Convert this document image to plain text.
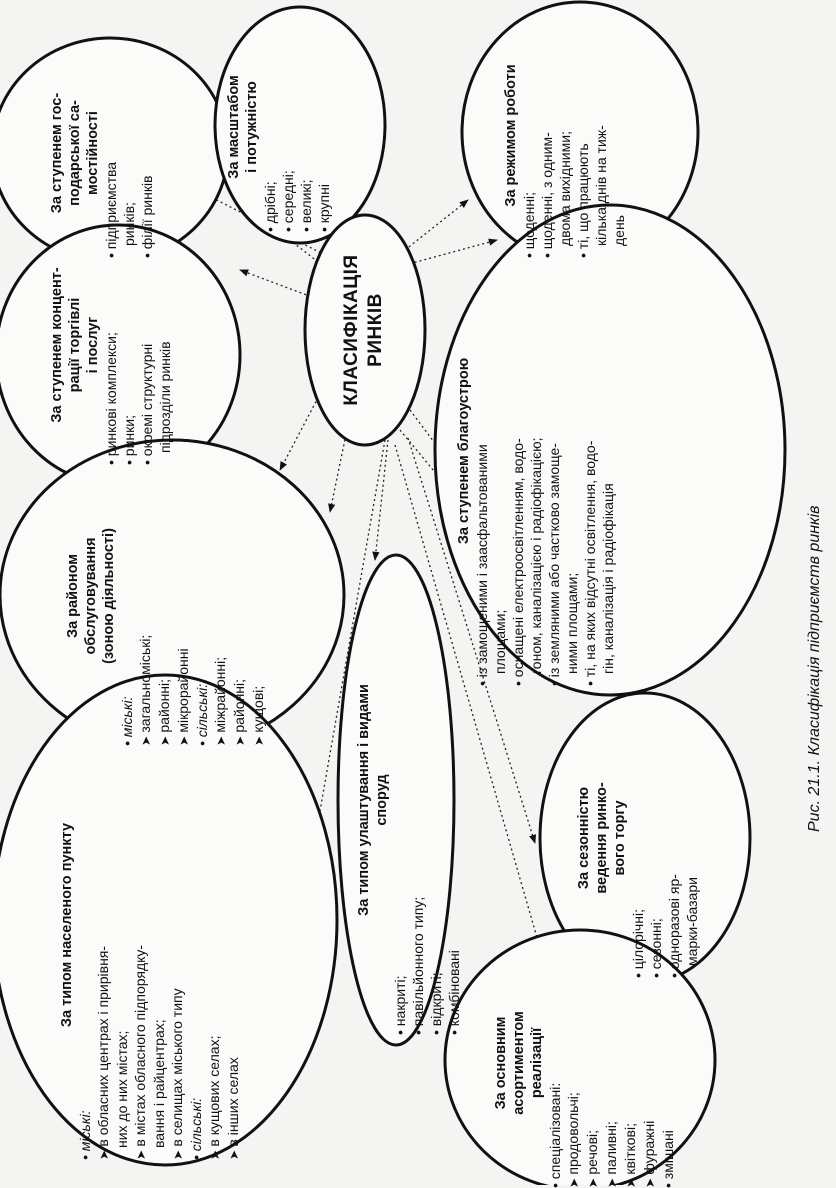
За ступенем гос- подарської са- мостійності
• підприємства ринків; • філії ринків
За масштабом і потужністю
• дрібні; • середні; • великі; • крупні	За режимом роботи
• щоденні; • щоденні, з одним- двома вихідними; • ті, що працюють кілька днів на тиж- день
За ступенем концент- рації торгівлі і послуг • ринкові комплекси; • ринки; • окремі структурні підрозділи ринків	За ступенем благоустрою • із замощеними і заасфальтованими площами; • оснащені електроосвітленням, водо- гоном, каналізацією і радіофікацією; • із земляними або частково замоще- ними площами; • ті, на яких відсутні освітлення, водо- гін, каналізація і радіофікація
За районом обслуговування (зоною діяльності)
• міські: ➤ загальноміські; ➤ районні; ➤ мікрорайонні • сільські: ➤ міжрайонні; ➤ районні; ➤ кущові;	За типом улаштування і видами споруд
• накриті; • павільйонного типу; • відкриті; • комбіновані
За сезонністю ведення ринко- вого торгу
• цілорічні; • сезонні; • одноразові яр- марки-базари
За типом населеного пункту
• міські: ➤ в обласних центрах і прирівня- них до них містах; ➤ в містах обласного підпорядку- вання і райцентрах; ➤ в селищах міського типу • сільські: ➤ в кущових селах; ➤ в інших селах	За основним асортиментом реалізації
• спеціалізовані: ➤ продовольчі; ➤ речові; ➤ паливні; ➤ квіткові; ➤ фуражні • змішані
КЛАСИФІКАЦІЯ РИНКІВ
Рис. 21.1. Класифікація підприємств ринків
